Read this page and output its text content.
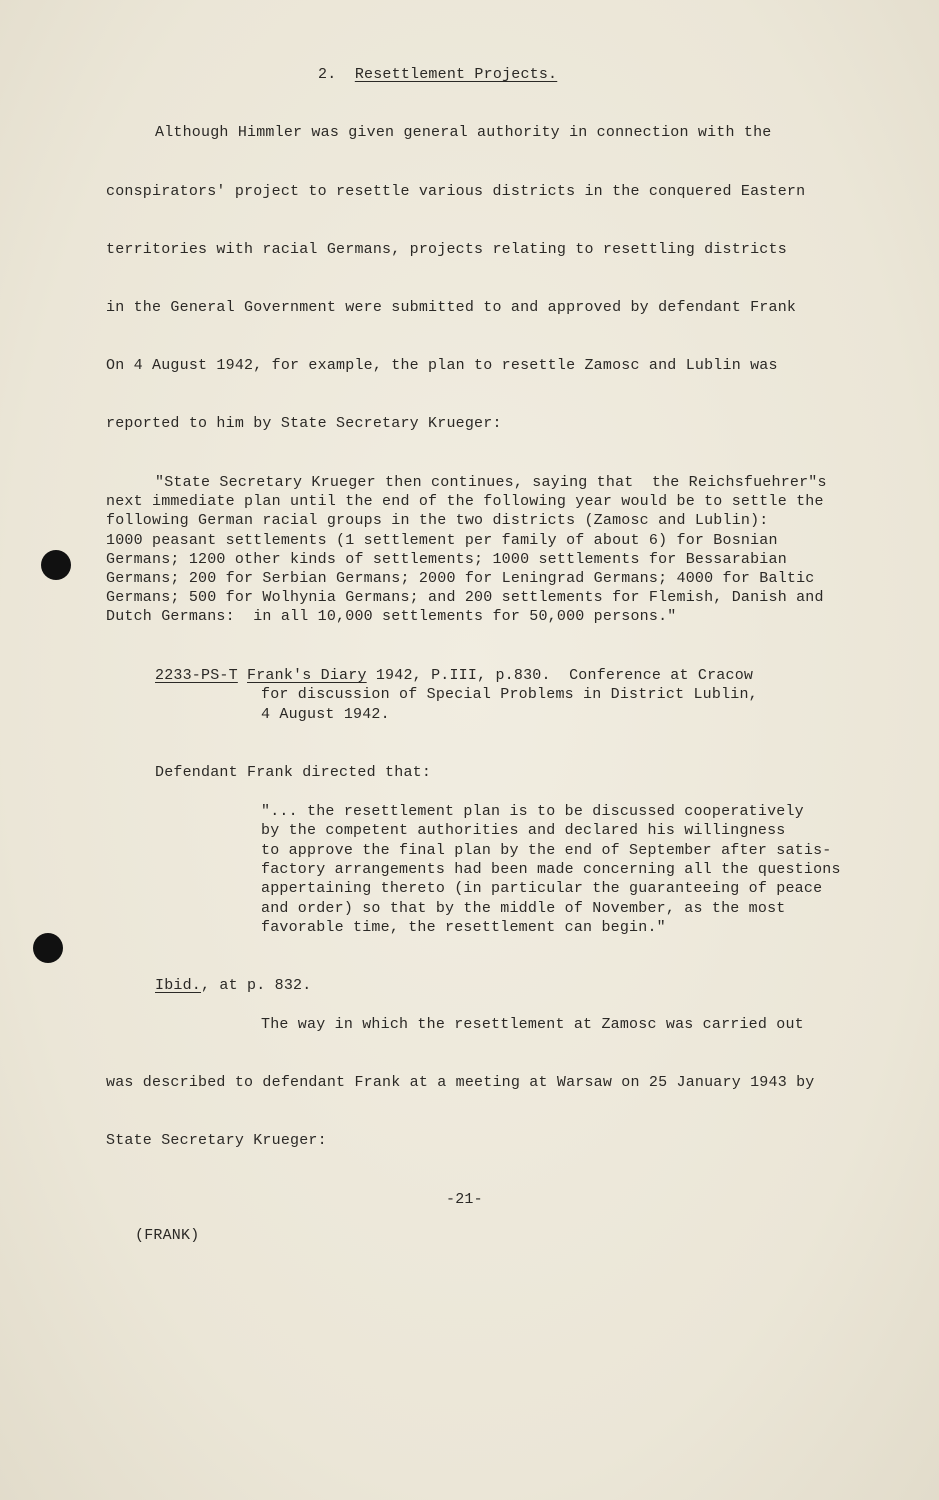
2. Resettlement Projects.
Although Himmler was given general authority in connection with the
conspirators' project to resettle various districts in the conquered Eastern
territories with racial Germans, projects relating to resettling districts
in the General Government were submitted to and approved by defendant Frank
On 4 August 1942, for example, the plan to resettle Zamosc and Lublin was
reported to him by State Secretary Krueger:
"State Secretary Krueger then continues, saying that  the Reichsfuehrer"s
next immediate plan until the end of the following year would be to settle the
following German racial groups in the two districts (Zamosc and Lublin):
1000 peasant settlements (1 settlement per family of about 6) for Bosnian
Germans; 1200 other kinds of settlements; 1000 settlements for Bessarabian
Germans; 200 for Serbian Germans; 2000 for Leningrad Germans; 4000 for Baltic
Germans; 500 for Wolhynia Germans; and 200 settlements for Flemish, Danish and
Dutch Germans:  in all 10,000 settlements for 50,000 persons."
2233-PS-T Frank's Diary 1942, P.III, p.830.  Conference at Cracow
for discussion of Special Problems in District Lublin,
4 August 1942.
Defendant Frank directed that:
"... the resettlement plan is to be discussed cooperatively
by the competent authorities and declared his willingness
to approve the final plan by the end of September after satis-
factory arrangements had been made concerning all the questions
appertaining thereto (in particular the guaranteeing of peace
and order) so that by the middle of November, as the most
favorable time, the resettlement can begin."
Ibid., at p. 832.
The way in which the resettlement at Zamosc was carried out
was described to defendant Frank at a meeting at Warsaw on 25 January 1943 by
State Secretary Krueger:
-21-
(FRANK)
